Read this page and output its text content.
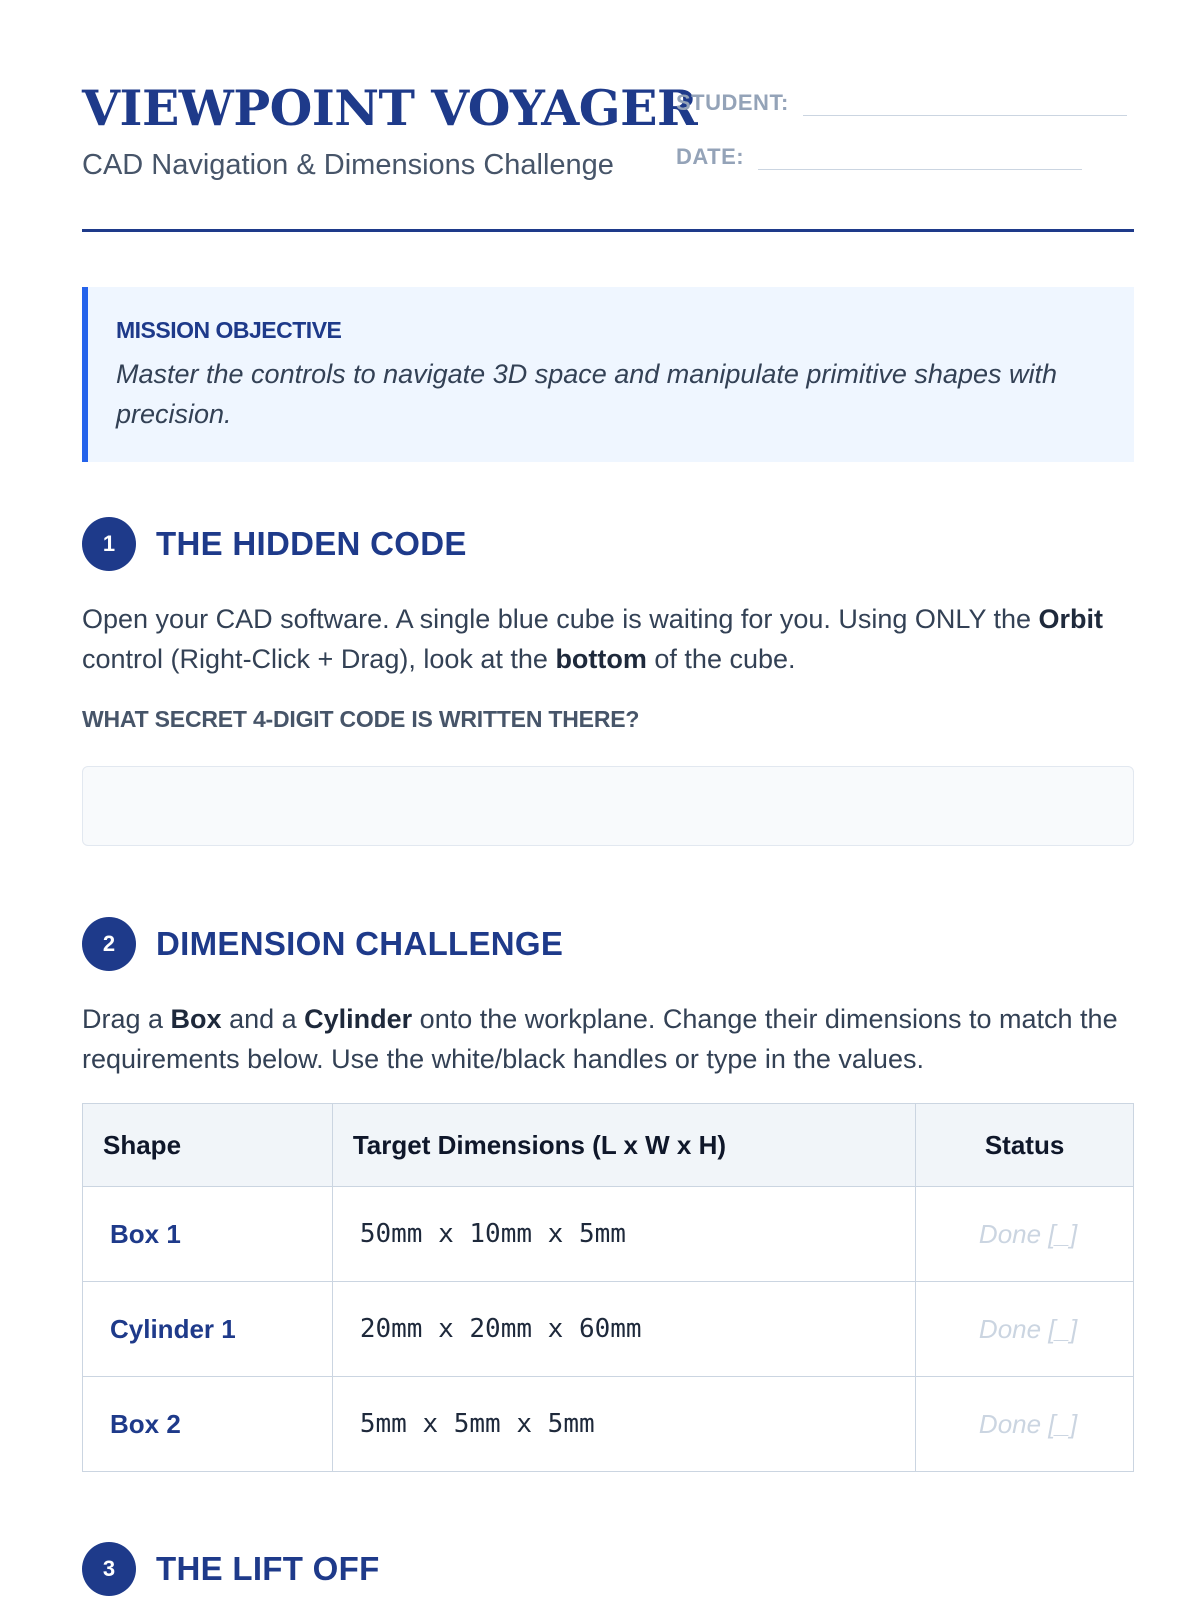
VIEWPOINT VOYAGER

CAD Navigation & Dimensions Challenge

STUDENT:
DATE:

MISSION OBJECTIVE

Master the controls to navigate 3D space and manipulate primitive shapes with precision.

1	THE HIDDEN CODE

Open your CAD software. A single blue cube is waiting for you. Using ONLY the Orbit control (Right-Click + Drag), look at the bottom of the cube.

WHAT SECRET 4-DIGIT CODE IS WRITTEN THERE?

2	DIMENSION CHALLENGE

Drag a Box and a Cylinder onto the workplane. Change their dimensions to match the requirements below. Use the white/black handles or type in the values.

Shape	Target Dimensions (L x W x H)	Status
Box 1	50mm x 10mm x 5mm	Done [_]
Cylinder 1	20mm x 20mm x 60mm	Done [_]
Box 2	5mm x 5mm x 5mm	Done [_]
3	THE LIFT OFF
